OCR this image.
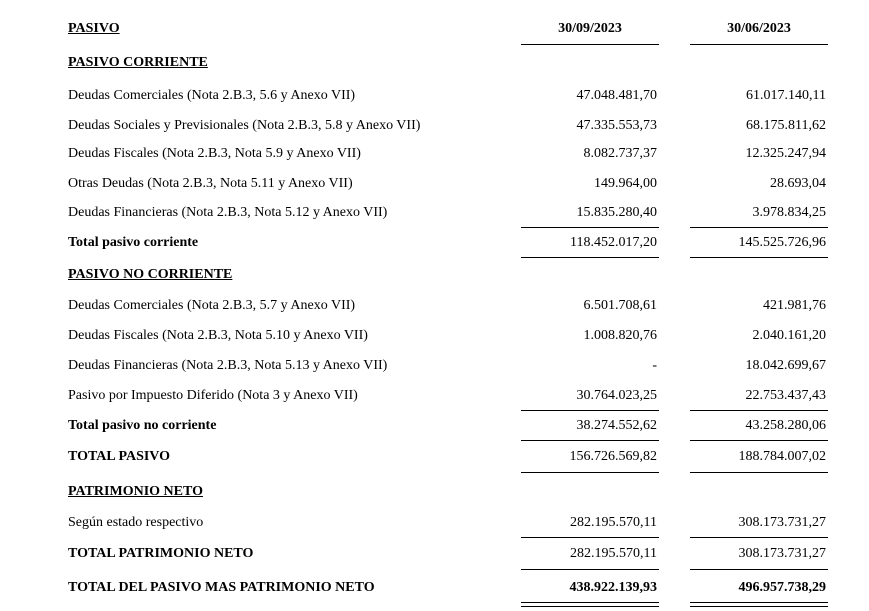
PASIVO	30/09/2023	30/06/2023
PASIVO CORRIENTE
Deudas Comerciales (Nota 2.B.3, 5.6 y Anexo VII)	47.048.481,70	61.017.140,11
Deudas Sociales y Previsionales (Nota 2.B.3, 5.8 y Anexo VII)	47.335.553,73	68.175.811,62
Deudas Fiscales (Nota 2.B.3, Nota 5.9 y Anexo VII)	8.082.737,37	12.325.247,94
Otras Deudas (Nota 2.B.3, Nota 5.11 y Anexo VII)	149.964,00	28.693,04
Deudas Financieras (Nota 2.B.3, Nota 5.12 y Anexo VII)	15.835.280,40	3.978.834,25
Total pasivo corriente	118.452.017,20	145.525.726,96
PASIVO NO CORRIENTE
Deudas Comerciales (Nota 2.B.3, 5.7 y Anexo VII)	6.501.708,61	421.981,76
Deudas Fiscales (Nota 2.B.3, Nota 5.10 y Anexo VII)	1.008.820,76	2.040.161,20
Deudas Financieras (Nota 2.B.3, Nota 5.13 y Anexo VII)	-	18.042.699,67
Pasivo por Impuesto Diferido (Nota 3 y Anexo VII)	30.764.023,25	22.753.437,43
Total pasivo no corriente	38.274.552,62	43.258.280,06
TOTAL PASIVO	156.726.569,82	188.784.007,02
PATRIMONIO NETO
Según estado respectivo	282.195.570,11	308.173.731,27
TOTAL PATRIMONIO NETO	282.195.570,11	308.173.731,27
TOTAL DEL PASIVO MAS PATRIMONIO NETO	438.922.139,93	496.957.738,29
